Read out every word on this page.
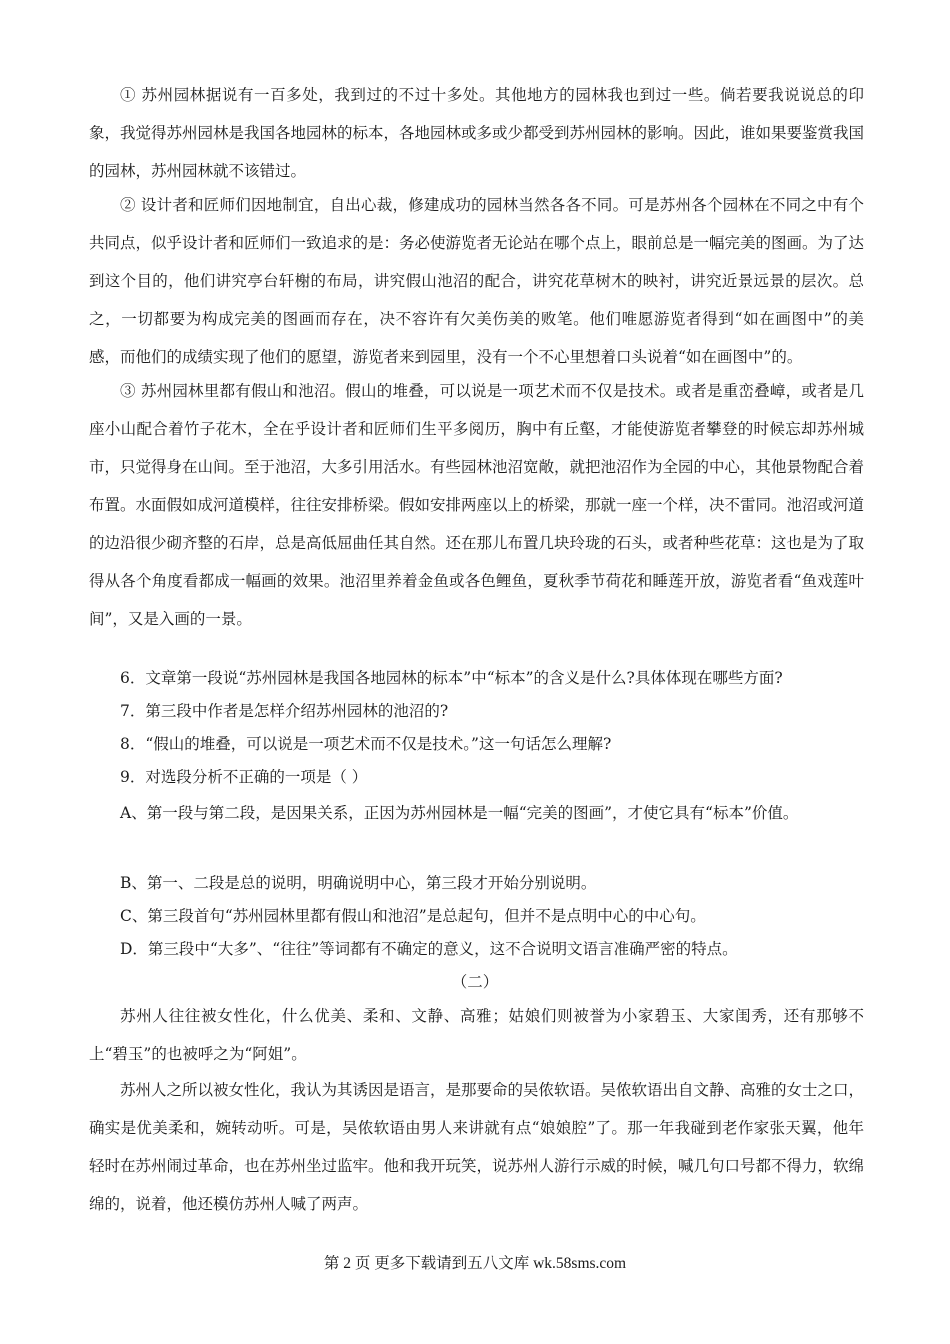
① 苏州园林据说有一百多处，我到过的不过十多处。其他地方的园林我也到过一些。倘若要我说说总的印象，我觉得苏州园林是我国各地园林的标本，各地园林或多或少都受到苏州园林的影响。因此，谁如果要鉴赏我国的园林，苏州园林就不该错过。

② 设计者和匠师们因地制宜，自出心裁，修建成功的园林当然各各不同。可是苏州各个园林在不同之中有个共同点，似乎设计者和匠师们一致追求的是：务必使游览者无论站在哪个点上，眼前总是一幅完美的图画。为了达到这个目的，他们讲究亭台轩榭的布局，讲究假山池沼的配合，讲究花草树木的映衬，讲究近景远景的层次。总之，一切都要为构成完美的图画而存在，决不容许有欠美伤美的败笔。他们唯愿游览者得到“如在画图中”的美感，而他们的成绩实现了他们的愿望，游览者来到园里，没有一个不心里想着口头说着“如在画图中”的。

③ 苏州园林里都有假山和池沼。假山的堆叠，可以说是一项艺术而不仅是技术。或者是重峦叠嶂，或者是几座小山配合着竹子花木，全在乎设计者和匠师们生平多阅历，胸中有丘壑，才能使游览者攀登的时候忘却苏州城市，只觉得身在山间。至于池沼，大多引用活水。有些园林池沼宽敞，就把池沼作为全园的中心，其他景物配合着布置。水面假如成河道模样，往往安排桥梁。假如安排两座以上的桥梁，那就一座一个样，决不雷同。池沼或河道的边沿很少砌齐整的石岸，总是高低屈曲任其自然。还在那儿布置几块玲珑的石头，或者种些花草：这也是为了取得从各个角度看都成一幅画的效果。池沼里养着金鱼或各色鲤鱼，夏秋季节荷花和睡莲开放，游览者看“鱼戏莲叶间”，又是入画的一景。

6．文章第一段说“苏州园林是我国各地园林的标本”中“标本”的含义是什么?具体体现在哪些方面?

7．第三段中作者是怎样介绍苏州园林的池沼的?

8．“假山的堆叠，可以说是一项艺术而不仅是技术。”这一句话怎么理解?

9．对选段分析不正确的一项是（ ）

A、第一段与第二段，是因果关系，正因为苏州园林是一幅“完美的图画”，才使它具有“标本”价值。

B、第一、二段是总的说明，明确说明中心，第三段才开始分别说明。

C、第三段首句“苏州园林里都有假山和池沼”是总起句，但并不是点明中心的中心句。

D．第三段中“大多”、“往往”等词都有不确定的意义，这不合说明文语言准确严密的特点。

（二）

苏州人往往被女性化，什么优美、柔和、文静、高雅；姑娘们则被誉为小家碧玉、大家闺秀，还有那够不上“碧玉”的也被呼之为“阿姐”。

苏州人之所以被女性化，我认为其诱因是语言，是那要命的吴侬软语。吴侬软语出自文静、高雅的女士之口，确实是优美柔和，婉转动听。可是，吴侬软语由男人来讲就有点“娘娘腔”了。那一年我碰到老作家张天翼，他年轻时在苏州闹过革命，也在苏州坐过监牢。他和我开玩笑，说苏州人游行示威的时候，喊几句口号都不得力，软绵绵的，说着，他还模仿苏州人喊了两声。

第 2 页 更多下载请到五八文库 wk.58sms.com
